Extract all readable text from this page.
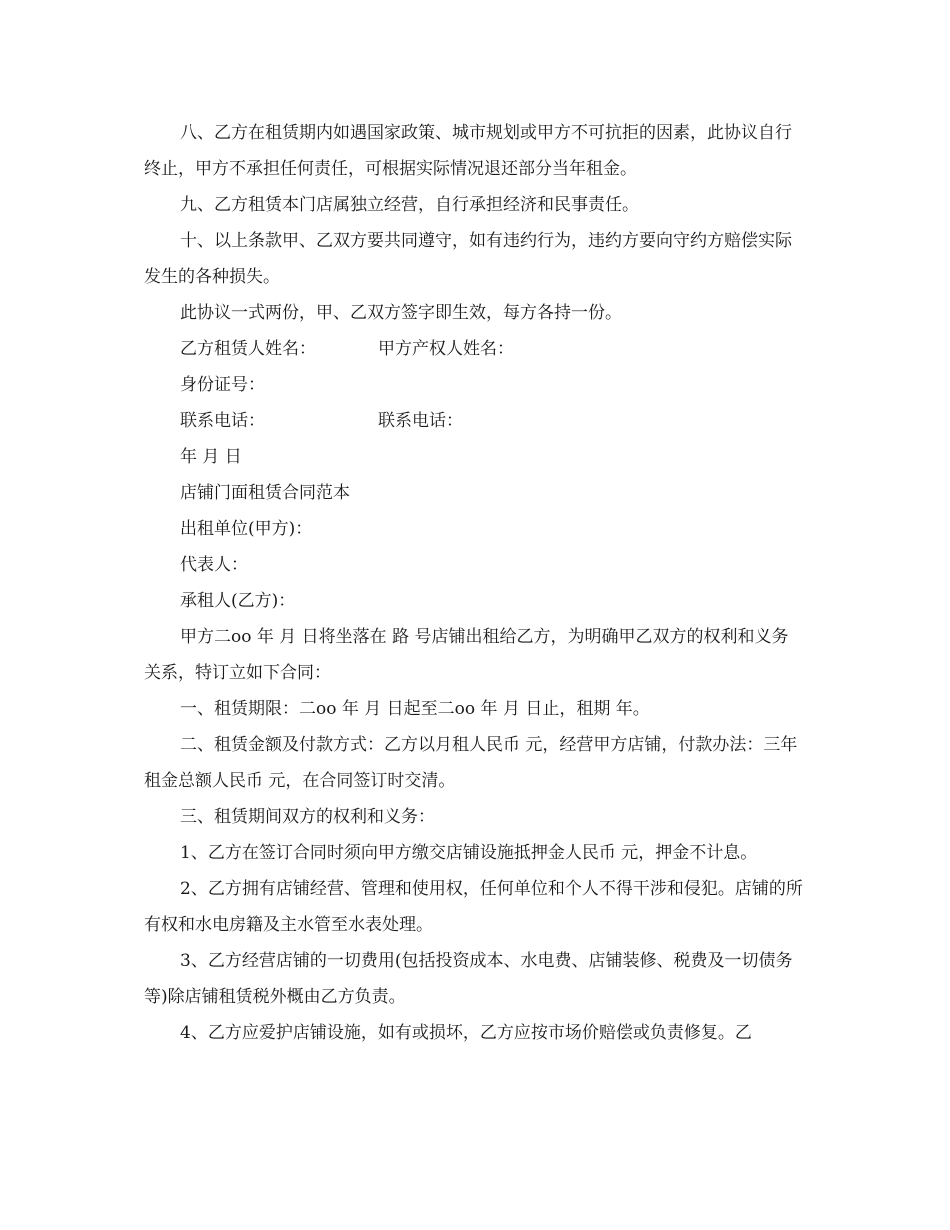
八、乙方在租赁期内如遇国家政策、城市规划或甲方不可抗拒的因素，此协议自行终止，甲方不承担任何责任，可根据实际情况退还部分当年租金。

九、乙方租赁本门店属独立经营，自行承担经济和民事责任。

十、以上条款甲、乙双方要共同遵守，如有违约行为，违约方要向守约方赔偿实际发生的各种损失。

此协议一式两份，甲、乙双方签字即生效，每方各持一份。

乙方租赁人姓名：	甲方产权人姓名：

身份证号：

联系电话：	联系电话：

年 月 日

店铺门面租赁合同范本

出租单位(甲方)：

代表人：

承租人(乙方)：

甲方二oo 年 月 日将坐落在 路 号店铺出租给乙方，为明确甲乙双方的权利和义务关系，特订立如下合同：

一、租赁期限：二oo 年 月 日起至二oo 年 月 日止，租期 年。

二、租赁金额及付款方式：乙方以月租人民币 元，经营甲方店铺，付款办法：三年租金总额人民币 元，在合同签订时交清。

三、租赁期间双方的权利和义务：

1、乙方在签订合同时须向甲方缴交店铺设施抵押金人民币 元，押金不计息。

2、乙方拥有店铺经营、管理和使用权，任何单位和个人不得干涉和侵犯。店铺的所有权和水电房籍及主水管至水表处理。

3、乙方经营店铺的一切费用(包括投资成本、水电费、店铺装修、税费及一切债务等)除店铺租赁税外概由乙方负责。

4、乙方应爱护店铺设施，如有或损坏，乙方应按市场价赔偿或负责修复。乙
